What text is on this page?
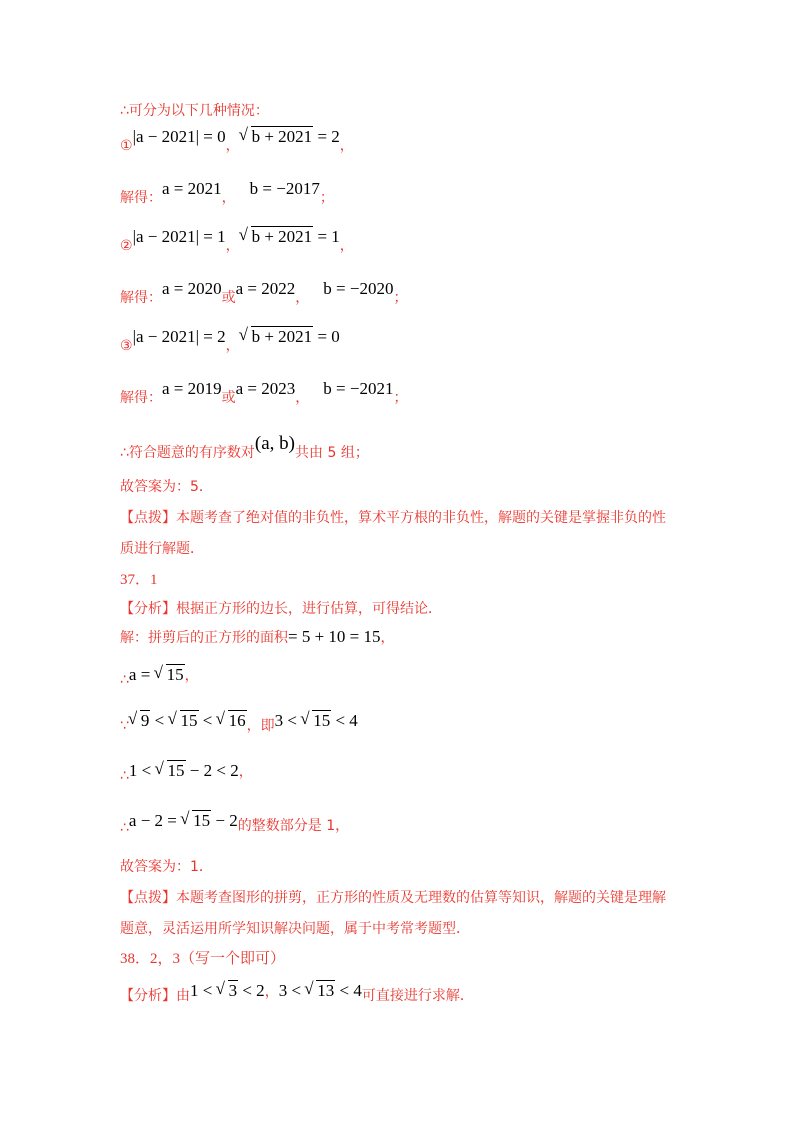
∴可分为以下几种情况：
①|a − 2021| = 0， √ b + 2021 = 2，
解得：a = 2021， b = −2017；
②|a − 2021| = 1， √ b + 2021 = 1，
解得：a = 2020或a = 2022， b = −2020；
③|a − 2021| = 2， √ b + 2021 = 0
解得：a = 2019或a = 2023， b = −2021；
∴符合题意的有序数对(a, b)共由 5 组；
故答案为：5．
【点拨】本题考查了绝对值的非负性，算术平方根的非负性，解题的关键是掌握非负的性
质进行解题．
37．1
【分析】根据正方形的边长，进行估算，可得结论．
解：拼剪后的正方形的面积= 5 + 10 = 15，
∴a = √ 15，
∵ √ 9 < √ 15 < √ 16，即3 < √ 15 < 4
∴1 < √ 15 − 2 < 2，
∴a − 2 = √ 15 − 2的整数部分是 1，
故答案为：1．
【点拨】本题考查图形的拼剪，正方形的性质及无理数的估算等知识，解题的关键是理解
题意，灵活运用所学知识解决问题，属于中考常考题型．
38．2，3（写一个即可）
【分析】由1 < √ 3 < 2，3 < √ 13 < 4可直接进行求解．
